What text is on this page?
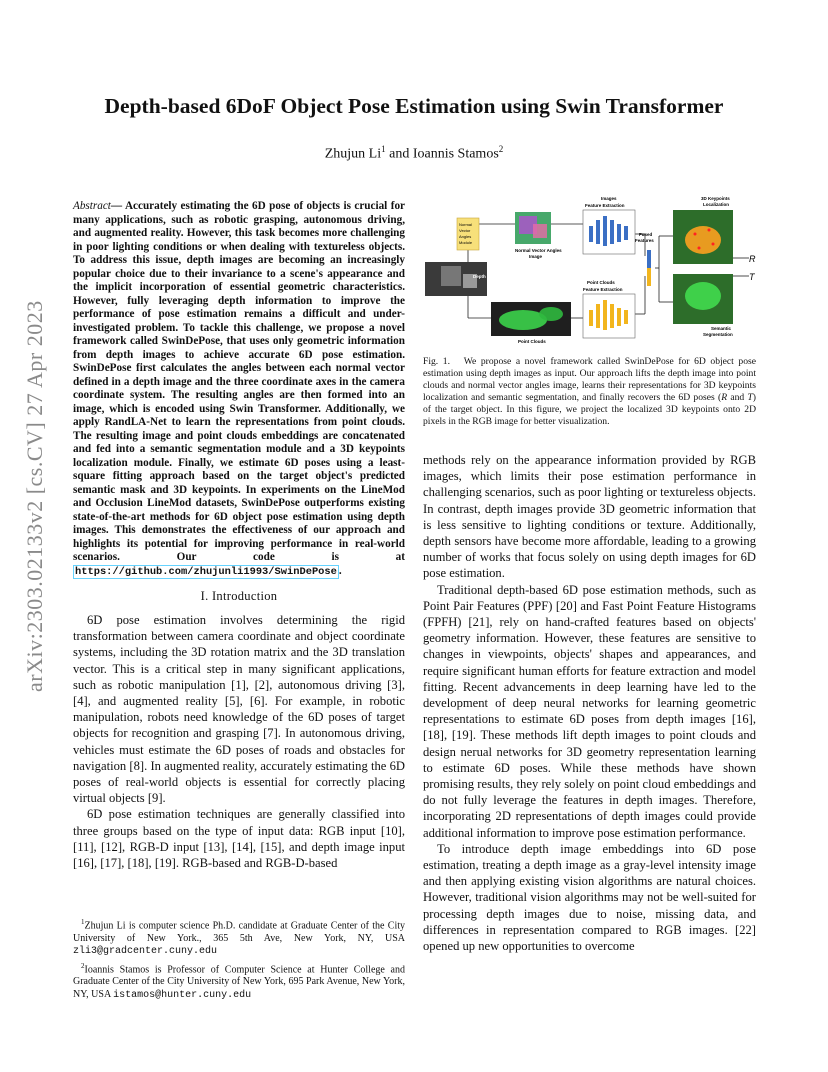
arXiv:2303.02133v2 [cs.CV] 27 Apr 2023
Depth-based 6DoF Object Pose Estimation using Swin Transformer
Zhujun Li$^1$ and Ioannis Stamos$^2$

Abstract— Accurately estimating the 6D pose of objects is crucial for many applications, such as robotic grasping, autonomous driving, and augmented reality. However, this task becomes more challenging in poor lighting conditions or when dealing with textureless objects. To address this issue, depth images are becoming an increasingly popular choice due to their invariance to a scene's appearance and the implicit incorporation of essential geometric characteristics. However, fully leveraging depth information to improve the performance of pose estimation remains a difficult and under-investigated problem. To tackle this challenge, we propose a novel framework called SwinDePose, that uses only geometric information from depth images to achieve accurate 6D pose estimation. SwinDePose first calculates the angles between each normal vector defined in a depth image and the three coordinate axes in the camera coordinate system. The resulting angles are then formed into an image, which is encoded using Swin Transformer. Additionally, we apply RandLA-Net to learn the representations from point clouds. The resulting image and point clouds embeddings are concatenated and fed into a semantic segmentation module and a 3D keypoints localization module. Finally, we estimate 6D poses using a least-square fitting approach based on the target object's predicted semantic mask and 3D keypoints. In experiments on the LineMod and Occlusion LineMod datasets, SwinDePose outperforms existing state-of-the-art methods for 6D object pose estimation using depth images. This demonstrates the effectiveness of our approach and highlights its potential for improving performance in real-world scenarios. Our code is at https://github.com/zhujunli1993/SwinDePose .

I. Introduction

6D pose estimation involves determining the rigid transformation between camera coordinate and object coordinate systems, including the 3D rotation matrix and the 3D translation vector. This is a critical step in many significant applications, such as robotic manipulation [1], [2], autonomous driving [3], [4], and augmented reality [5], [6]. For example, in robotic manipulation, robots need knowledge of the 6D poses of target objects for recognition and grasping [7]. In autonomous driving, vehicles must estimate the 6D poses of roads and obstacles for navigation [8]. In augmented reality, accurately estimating the 6D poses of real-world objects is essential for correctly placing virtual objects [9].

6D pose estimation techniques are generally classified into three groups based on the type of input data: RGB input [10], [11], [12], RGB-D input [13], [14], [15], and depth image input [16], [17], [18], [19]. RGB-based and RGB-D-based

$^1$Zhujun Li is computer science Ph.D. candidate at Graduate Center of the City University of New York., 365 5th Ave, New York, NY, USA zli3@gradcenter.cuny.edu

$^2$Ioannis Stamos is Professor of Computer Science at Hunter College and Graduate Center of the City University of New York, 695 Park Avenue, New York, NY, USA istamos@hunter.cuny.edu

Normal
Vector
Angles
Module
Normal Vector Angles
Image
Depth Image
Point Clouds
Images
Feature Extraction
Point Clouds
Feature Extraction
Fused
Features
3D Keypoints
Localization
Semantic
Segmentation
R
T

Fig. 1. We propose a novel framework called SwinDePose for 6D object pose estimation using depth images as input. Our approach lifts the depth image into point clouds and normal vector angles image, learns their representations for 3D keypoints localization and semantic segmentation, and finally recovers the 6D poses (R and T) of the target object. In this figure, we project the localized 3D keypoints onto 2D pixels in the RGB image for better visualization.

methods rely on the appearance information provided by RGB images, which limits their pose estimation performance in challenging scenarios, such as poor lighting or textureless objects. In contrast, depth images provide 3D geometric information that is less sensitive to lighting conditions or texture. Additionally, depth sensors have become more affordable, leading to a growing number of works that focus solely on using depth images for 6D pose estimation.

Traditional depth-based 6D pose estimation methods, such as Point Pair Features (PPF) [20] and Fast Point Feature Histograms (FPFH) [21], rely on hand-crafted features based on objects' geometry information. However, these features are sensitive to changes in viewpoints, objects' shapes and appearances, and require significant human efforts for feature extraction and model fitting. Recent advancements in deep learning have led to the development of deep neural networks for learning geometric representations to estimate 6D poses from depth images [16], [18], [19]. These methods lift depth images to point clouds and design nerual networks for 3D geometry representation learning to estimate 6D poses. While these methods have shown promising results, they rely solely on point cloud embeddings and do not fully leverage the features in depth images. Therefore, incorporating 2D representations of depth images could provide additional information to improve pose estimation performance.

To introduce depth image embeddings into 6D pose estimation, treating a depth image as a gray-level intensity image and then applying existing vision algorithms are natural choices. However, traditional vision algorithms may not be well-suited for processing depth images due to noise, missing data, and differences in representation compared to RGB images. [22] opened up new opportunities to overcome
